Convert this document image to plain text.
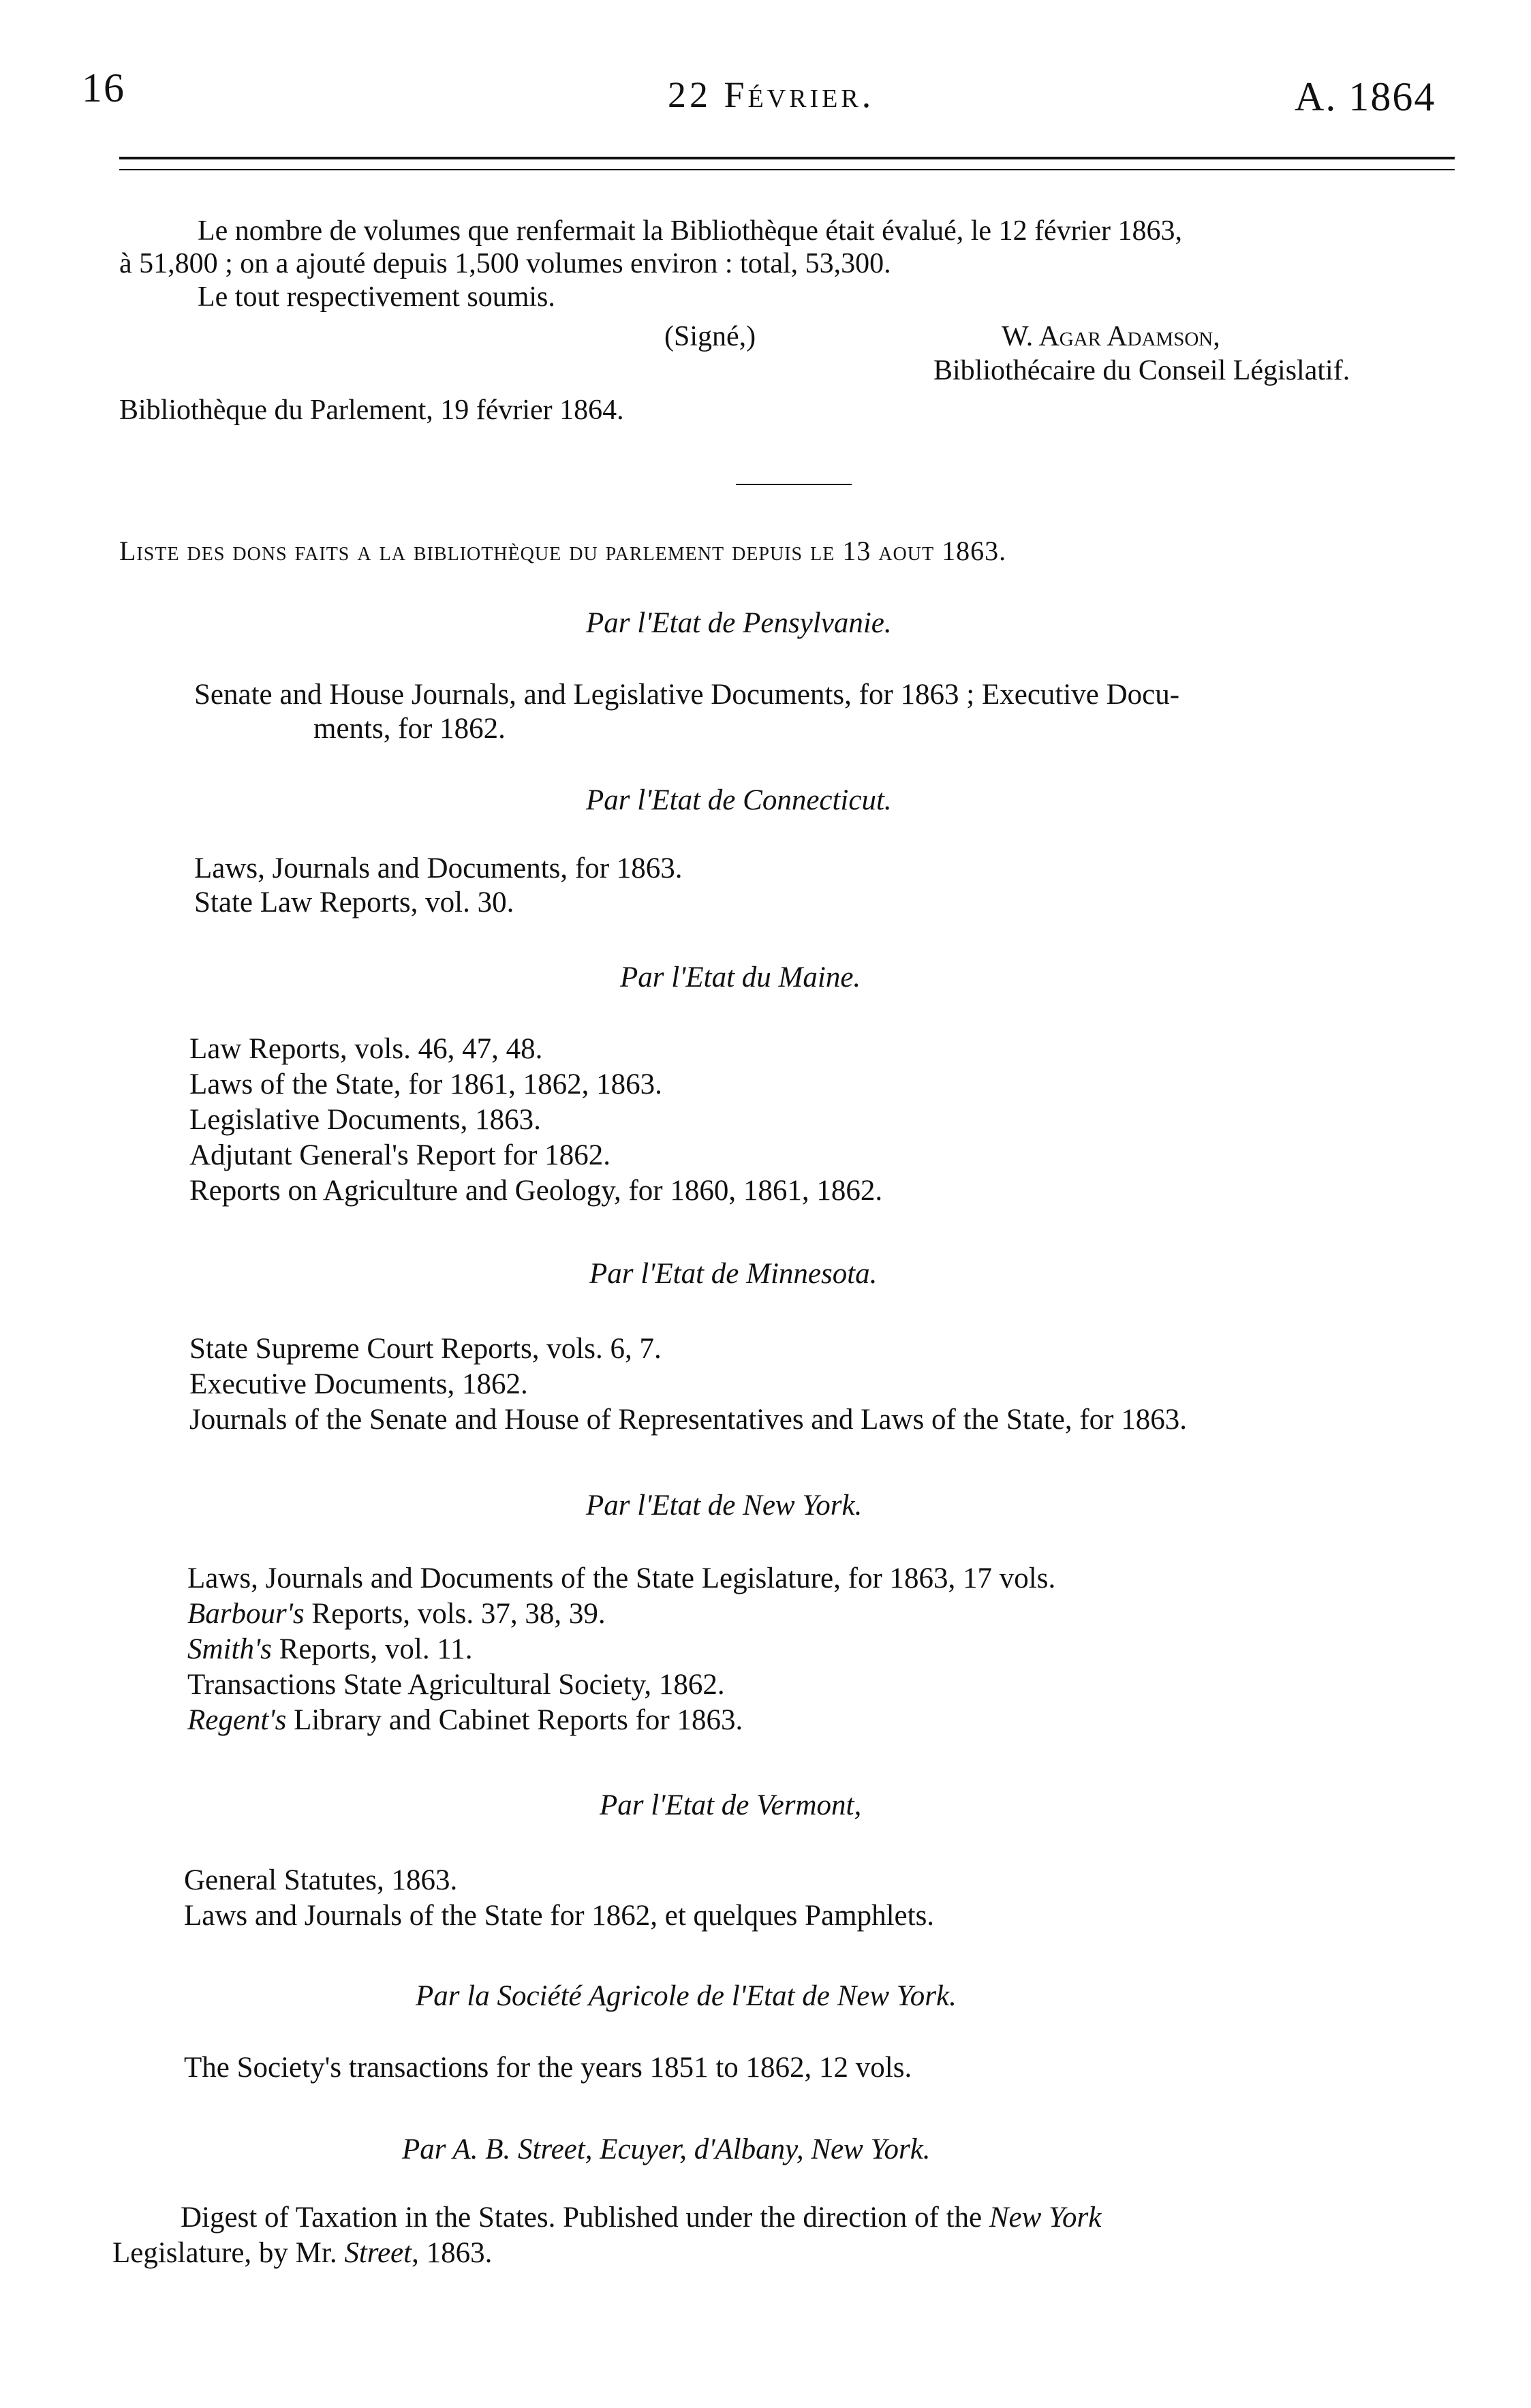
16	22 Février.	A. 1864
Le nombre de volumes que renfermait la Bibliothèque était évalué, le 12 février 1863,
à 51,800 ; on a ajouté depuis 1,500 volumes environ : total, 53,300.
Le tout respectivement soumis.
(Signé,)	W. Agar Adamson,
Bibliothécaire du Conseil Législatif.
Bibliothèque du Parlement, 19 février 1864.
Liste des dons faits a la bibliothèque du parlement depuis le 13 aout 1863.
Par l'Etat de Pensylvanie.
Senate and House Journals, and Legislative Documents, for 1863 ; Executive Docu-
ments, for 1862.
Par l'Etat de Connecticut.
Laws, Journals and Documents, for 1863.
State Law Reports, vol. 30.
Par l'Etat du Maine.
Law Reports, vols. 46, 47, 48.
Laws of the State, for 1861, 1862, 1863.
Legislative Documents, 1863.
Adjutant General's Report for 1862.
Reports on Agriculture and Geology, for 1860, 1861, 1862.
Par l'Etat de Minnesota.
State Supreme Court Reports, vols. 6, 7.
Executive Documents, 1862.
Journals of the Senate and House of Representatives and Laws of the State, for 1863.
Par l'Etat de New York.
Laws, Journals and Documents of the State Legislature, for 1863, 17 vols.
Barbour's Reports, vols. 37, 38, 39.
Smith's Reports, vol. 11.
Transactions State Agricultural Society, 1862.
Regent's Library and Cabinet Reports for 1863.
Par l'Etat de Vermont,
General Statutes, 1863.
Laws and Journals of the State for 1862, et quelques Pamphlets.
Par la Société Agricole de l'Etat de New York.
The Society's transactions for the years 1851 to 1862, 12 vols.
Par A. B. Street, Ecuyer, d'Albany, New York.
Digest of Taxation in the States. Published under the direction of the New York
Legislature, by Mr. Street, 1863.
